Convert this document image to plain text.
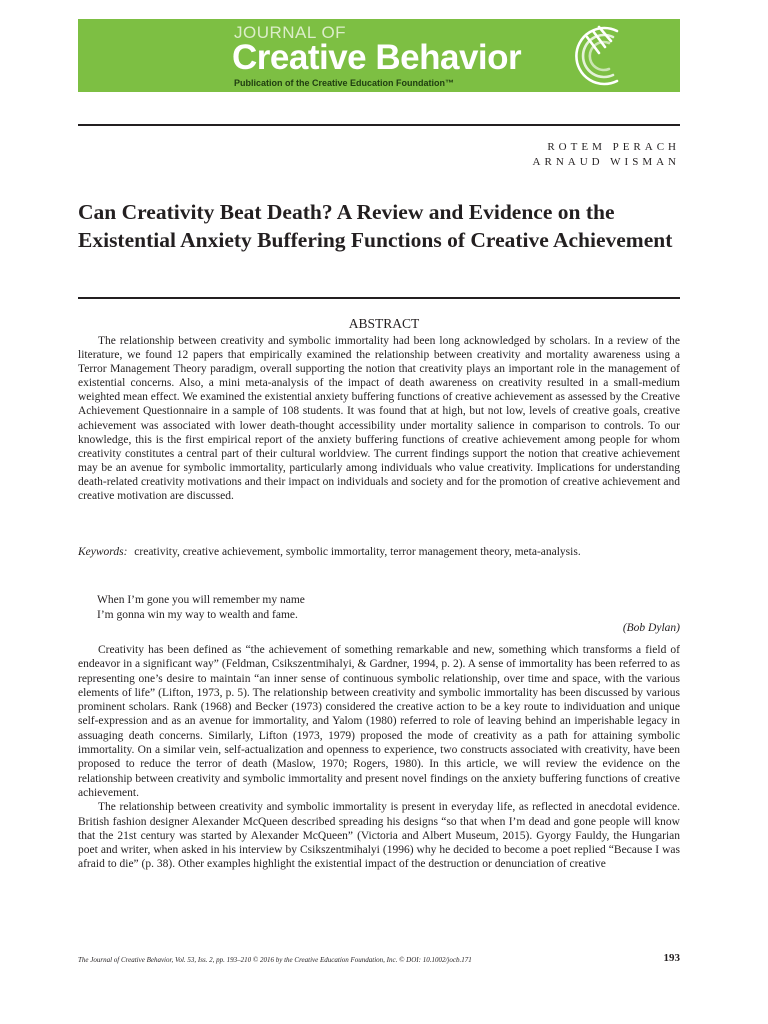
JOURNAL OF
Creative Behavior
Publication of the Creative Education Foundation™
ROTEM PERACH
ARNAUD WISMAN
Can Creativity Beat Death? A Review and Evidence on the Existential Anxiety Buffering Functions of Creative Achievement
ABSTRACT

The relationship between creativity and symbolic immortality had been long acknowledged by scholars. In a review of the literature, we found 12 papers that empirically examined the relationship between creativity and mortality awareness using a Terror Management Theory paradigm, overall supporting the notion that creativity plays an important role in the management of existential concerns. Also, a mini meta-analysis of the impact of death awareness on creativity resulted in a small-medium weighted mean effect. We examined the existential anxiety buffering functions of creative achievement as assessed by the Creative Achievement Questionnaire in a sample of 108 students. It was found that at high, but not low, levels of creative goals, creative achievement was associated with lower death-thought accessibility under mortality salience in comparison to controls. To our knowledge, this is the first empirical report of the anxiety buffering functions of creative achievement among people for whom creativity constitutes a central part of their cultural worldview. The current findings support the notion that creative achievement may be an avenue for symbolic immortality, particularly among individuals who value creativity. Implications for understanding death-related creativity motivations and their impact on individuals and society and for the promotion of creative achievement and creative motivation are discussed.

Keywords: creativity, creative achievement, symbolic immortality, terror management theory, meta-analysis.

When I’m gone you will remember my name
I’m gonna win my way to wealth and fame.
(Bob Dylan)

Creativity has been defined as “the achievement of something remarkable and new, something which transforms a field of endeavor in a significant way” (Feldman, Csikszentmihalyi, & Gardner, 1994, p. 2). A sense of immortality has been referred to as representing one’s desire to maintain “an inner sense of continuous symbolic relationship, over time and space, with the various elements of life” (Lifton, 1973, p. 5). The relationship between creativity and symbolic immortality has been discussed by various prominent scholars. Rank (1968) and Becker (1973) considered the creative action to be a key route to individuation and unique self-expression and as an avenue for immortality, and Yalom (1980) referred to role of leaving behind an imperishable legacy in assuaging death concerns. Similarly, Lifton (1973, 1979) proposed the mode of creativity as a path for attaining symbolic immortality. On a similar vein, self-actualization and openness to experience, two constructs associated with creativity, have been proposed to reduce the terror of death (Maslow, 1970; Rogers, 1980). In this article, we will review the evidence on the relationship between creativity and symbolic immortality and present novel findings on the anxiety buffering functions of creative achievement.

The relationship between creativity and symbolic immortality is present in everyday life, as reflected in anecdotal evidence. British fashion designer Alexander McQueen described spreading his designs “so that when I’m dead and gone people will know that the 21st century was started by Alexander McQueen” (Victoria and Albert Museum, 2015). Gyorgy Fauldy, the Hungarian poet and writer, when asked in his interview by Csikszentmihalyi (1996) why he decided to become a poet replied “Because I was afraid to die” (p. 38). Other examples highlight the existential impact of the destruction or denunciation of creative

The Journal of Creative Behavior, Vol. 53, Iss. 2, pp. 193–210 © 2016 by the Creative Education Foundation, Inc. © DOI: 10.1002/jocb.171	193
